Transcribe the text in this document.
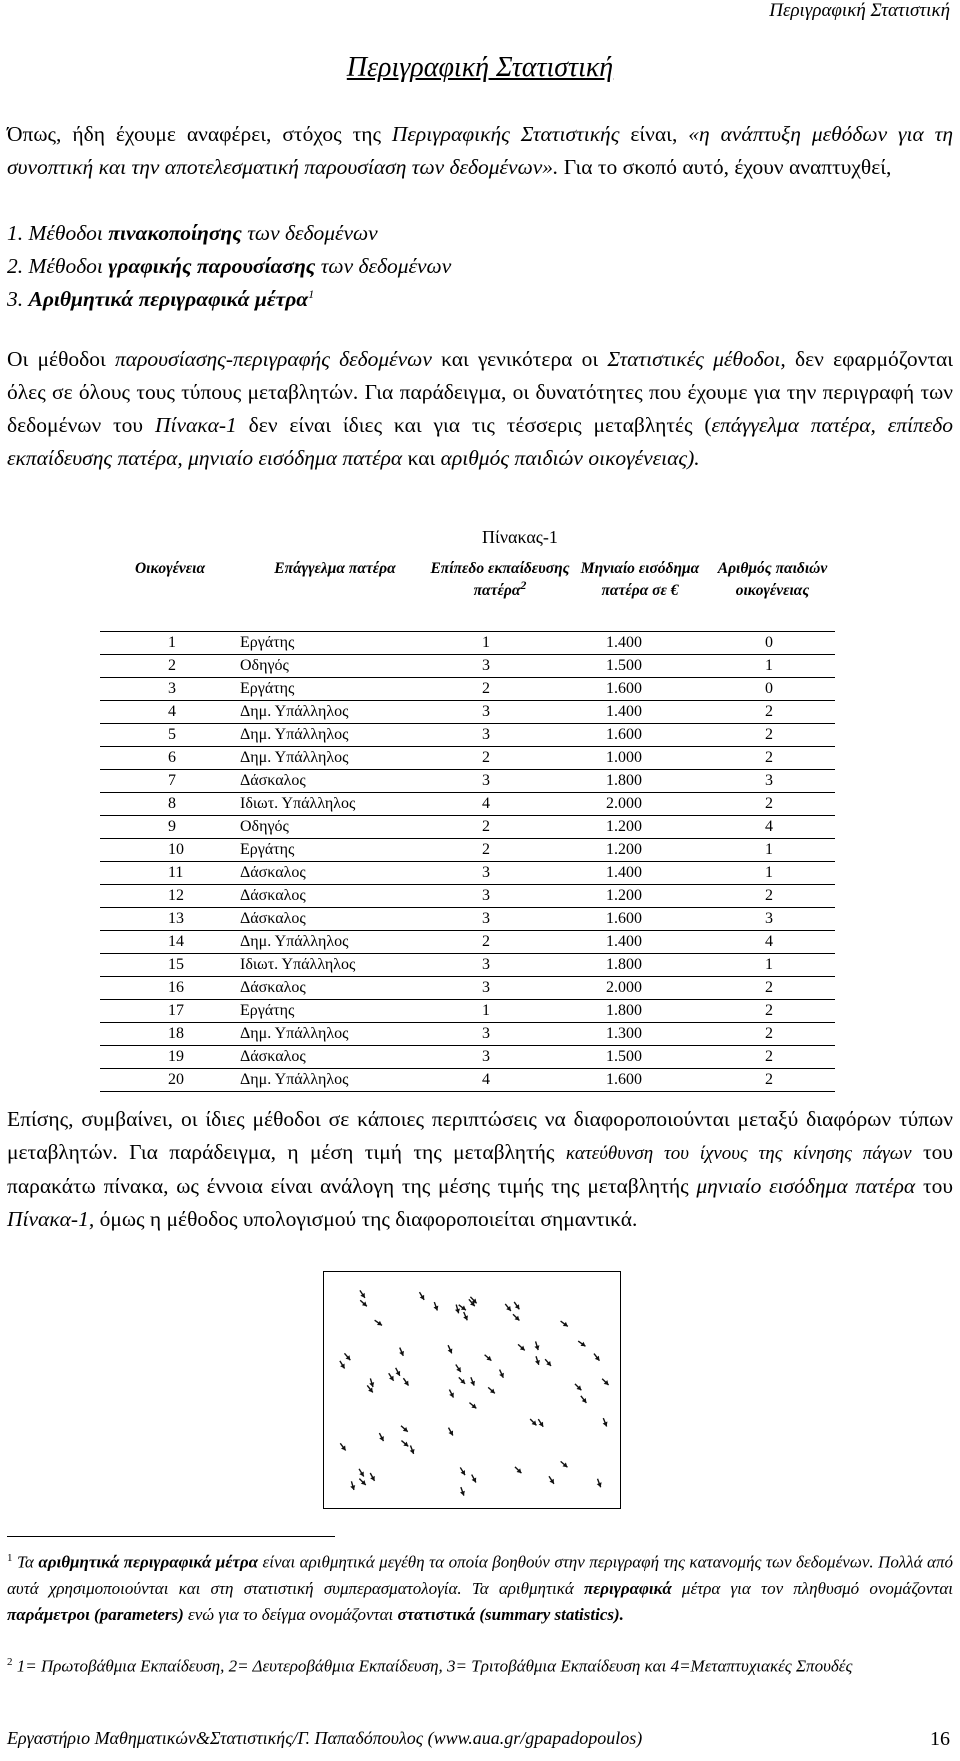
Περιγραφική Στατιστική
Περιγραφική Στατιστική
Όπως, ήδη έχουμε αναφέρει, στόχος της Περιγραφικής Στατιστικής είναι, «η ανάπτυξη μεθόδων για τη συνοπτική και την αποτελεσματική παρουσίαση των δεδομένων». Για το σκοπό αυτό, έχουν αναπτυχθεί,
1. Μέθοδοι πινακοποίησης των δεδομένων
2. Μέθοδοι γραφικής παρουσίασης των δεδομένων
3. Αριθμητικά περιγραφικά μέτρα$^1$
Οι μέθοδοι παρουσίασης-περιγραφής δεδομένων και γενικότερα οι Στατιστικές μέθοδοι, δεν εφαρμόζονται όλες σε όλους τους τύπους μεταβλητών. Για παράδειγμα, οι δυνατότητες που έχουμε για την περιγραφή των δεδομένων του Πίνακα-1 δεν είναι ίδιες και για τις τέσσερις μεταβλητές (επάγγελμα πατέρα, επίπεδο εκπαίδευσης πατέρα, μηνιαίο εισόδημα πατέρα και αριθμός παιδιών οικογένειας).
Πίνακας-1
Οικογένεια	Επάγγελμα πατέρα	Επίπεδο εκπαίδευσης πατέρα$^2$	Μηνιαίο εισόδημα πατέρα σε €	Αριθμός παιδιών οικογένειας
1	Εργάτης	1	1.400	0
2	Οδηγός	3	1.500	1
3	Εργάτης	2	1.600	0
4	Δημ. Υπάλληλος	3	1.400	2
5	Δημ. Υπάλληλος	3	1.600	2
6	Δημ. Υπάλληλος	2	1.000	2
7	Δάσκαλος	3	1.800	3
8	Ιδιωτ. Υπάλληλος	4	2.000	2
9	Οδηγός	2	1.200	4
10	Εργάτης	2	1.200	1
11	Δάσκαλος	3	1.400	1
12	Δάσκαλος	3	1.200	2
13	Δάσκαλος	3	1.600	3
14	Δημ. Υπάλληλος	2	1.400	4
15	Ιδιωτ. Υπάλληλος	3	1.800	1
16	Δάσκαλος	3	2.000	2
17	Εργάτης	1	1.800	2
18	Δημ. Υπάλληλος	3	1.300	2
19	Δάσκαλος	3	1.500	2
20	Δημ. Υπάλληλος	4	1.600	2
Επίσης, συμβαίνει, οι ίδιες μέθοδοι σε κάποιες περιπτώσεις να διαφοροποιούνται μεταξύ διαφόρων τύπων μεταβλητών. Για παράδειγμα, η μέση τιμή της μεταβλητής κατεύθυνση του ίχνους της κίνησης πάγων του παρακάτω πίνακα, ως έννοια είναι ανάλογη της μέσης τιμής της μεταβλητής μηνιαίο εισόδημα πατέρα του Πίνακα-1, όμως η μέθοδος υπολογισμού της διαφοροποιείται σημαντικά.
$^1$ Τα αριθμητικά περιγραφικά μέτρα είναι αριθμητικά μεγέθη τα οποία βοηθούν στην περιγραφή της κατανομής των δεδομένων. Πολλά από αυτά χρησιμοποιούνται και στη στατιστική συμπερασματολογία. Τα αριθμητικά περιγραφικά μέτρα για τον πληθυσμό ονομάζονται παράμετροι (parameters) ενώ για το δείγμα ονομάζονται στατιστικά (summary statistics).
$^2$ 1= Πρωτοβάθμια Εκπαίδευση, 2= Δευτεροβάθμια Εκπαίδευση, 3= Τριτοβάθμια Εκπαίδευση και 4=Μεταπτυχιακές Σπουδές
Εργαστήριο Μαθηματικών&Στατιστικής/Γ. Παπαδόπουλος (www.aua.gr/gpapadopoulos)	16
